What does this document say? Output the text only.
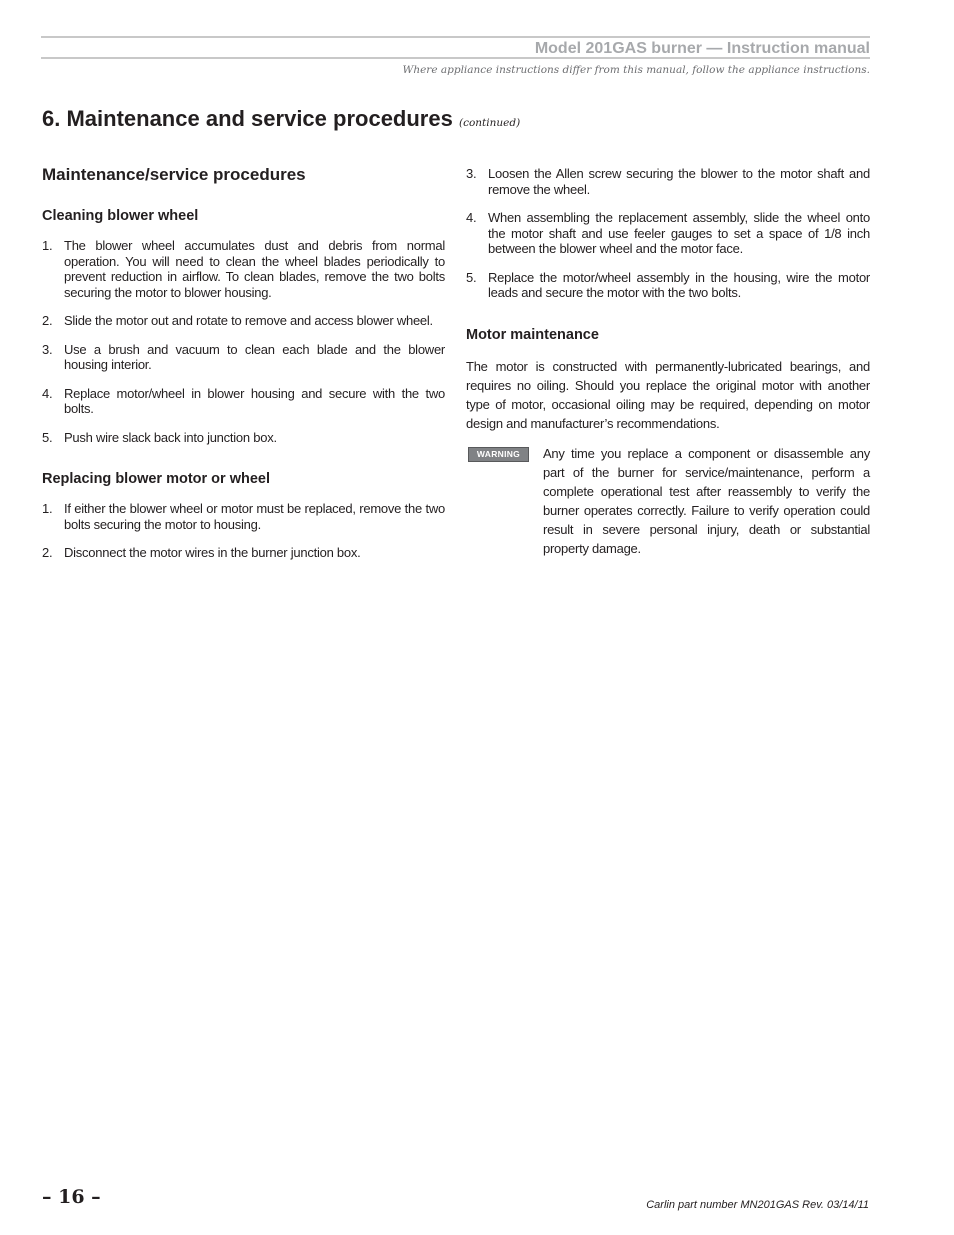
Model 201GAS burner — Instruction manual
Where appliance instructions differ from this manual, follow the appliance instructions.
6. Maintenance and service procedures (continued)
Maintenance/service procedures
Cleaning blower wheel
1. The blower wheel accumulates dust and debris from normal operation. You will need to clean the wheel blades periodically to prevent reduction in airflow. To clean blades, remove the two bolts securing the motor to blower housing.
2. Slide the motor out and rotate to remove and access blower wheel.
3. Use a brush and vacuum to clean each blade and the blower housing interior.
4. Replace motor/wheel in blower housing and secure with the two bolts.
5. Push wire slack back into junction box.
Replacing blower motor or wheel
1. If either the blower wheel or motor must be replaced, remove the two bolts securing the motor to housing.
2. Disconnect the motor wires in the burner junction box.
3. Loosen the Allen screw securing the blower to the motor shaft and remove the wheel.
4. When assembling the replacement assembly, slide the wheel onto the motor shaft and use feeler gauges to set a space of 1/8 inch between the blower wheel and the motor face.
5. Replace the motor/wheel assembly in the housing, wire the motor leads and secure the motor with the two bolts.
Motor maintenance

The motor is constructed with permanently-lubricated bearings, and requires no oiling. Should you replace the original motor with another type of motor, occasional oiling may be required, depending on motor design and manufacturer’s recommendations.

WARNING	Any time you replace a component or disassemble any part of the burner for service/maintenance, perform a complete operational test after reassembly to verify the burner operates correctly. Failure to verify operation could result in severe personal injury, death or substantial property damage.
– 16 –	Carlin part number MN201GAS Rev. 03/14/11
